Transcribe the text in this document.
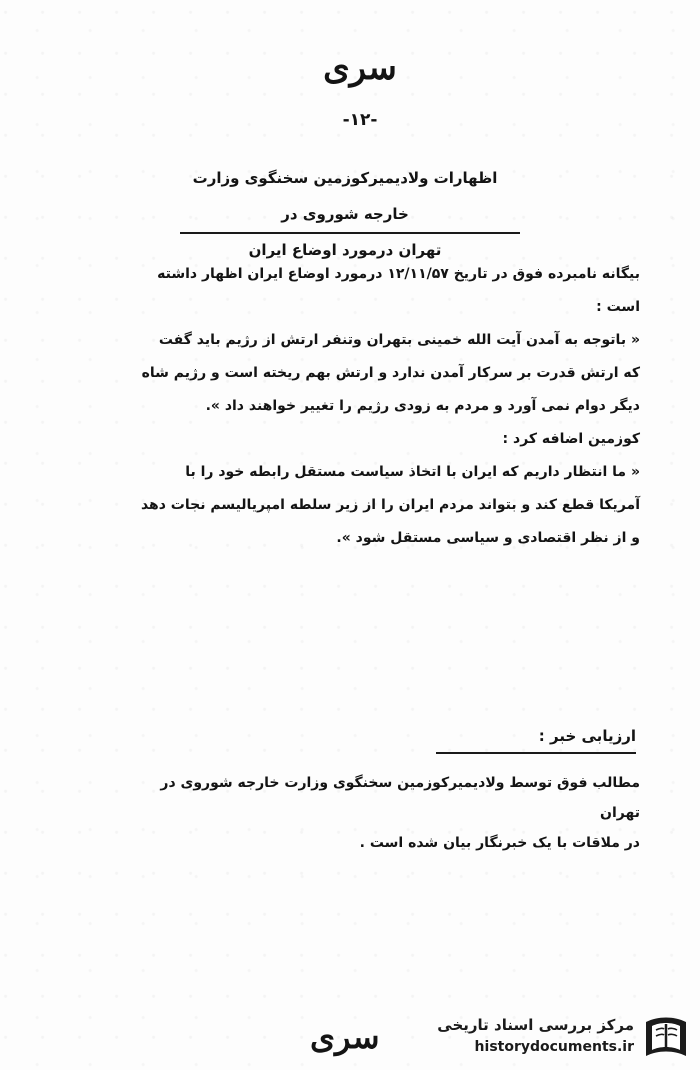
سری
-۱۲-
اظهارات ولادیمیرکوزمین سخنگوی وزارت خارجه شوروی در
تهران درمورد اوضاع ایران

بیگانه نامبرده فوق در تاریخ ۱۲/۱۱/۵۷ درمورد اوضاع ایران اظهار داشته است :

« باتوجه به آمدن آیت الله خمینی بتهران وتنفر ارتش از رژیم باید گفت که ارتش قدرت بر سرکار آمدن ندارد و ارتش بهم ریخته است و رژیم شاه دیگر دوام نمی آورد و مردم به زودی رژیم را تغییر خواهند داد ».

کوزمین اضافه کرد :

« ما انتظار داریم که ایران با اتخاذ سیاست مستقل رابطه خود را با آمریکا قطع کند و بتواند مردم ایران را از زیر سلطه امپریالیسم نجات دهد و از نظر اقتصادی و سیاسی مستقل شود ».

ارزیابی خبر :

مطالب فوق توسط ولادیمیرکوزمین سخنگوی وزارت خارجه شوروی در تهران

در ملاقات با یک خبرنگار بیان شده است .

سری	مرکز بررسی اسناد تاریخی
historydocuments.ir
